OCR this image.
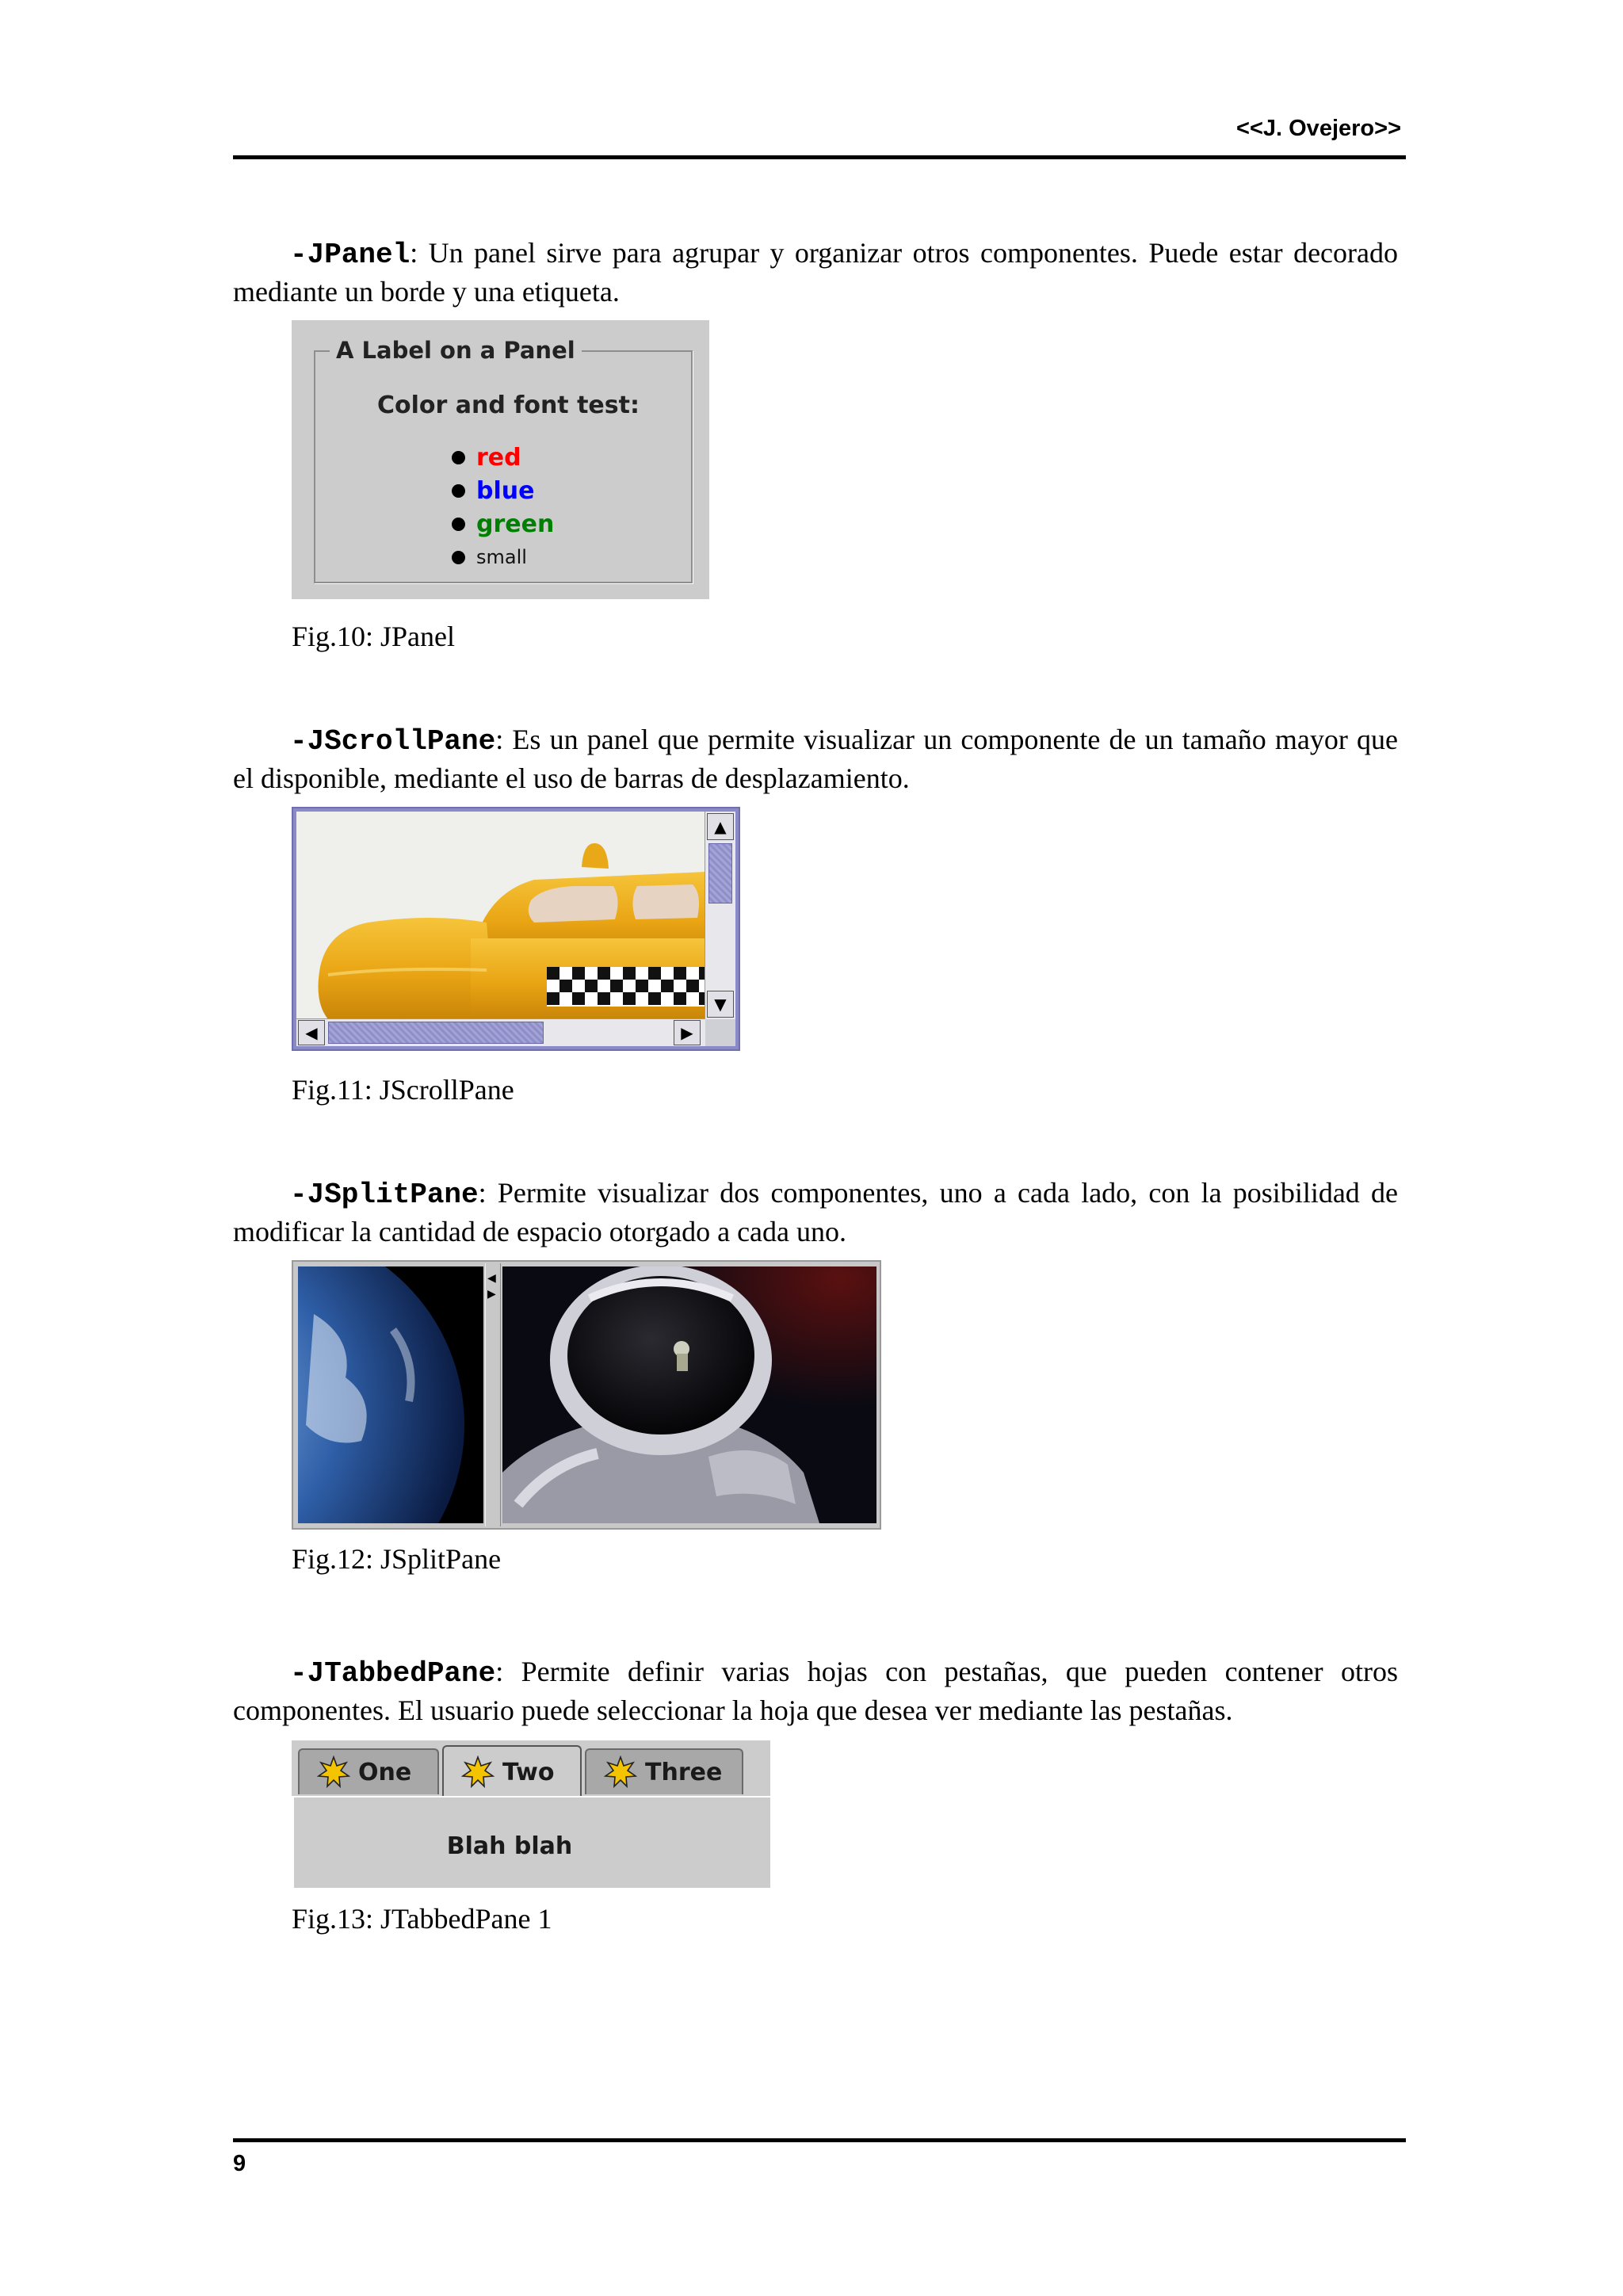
<<J. Ovejero>>

-JPanel: Un panel sirve para agrupar y organizar otros componentes. Puede estar decorado mediante un borde y una etiqueta.

A Label on a Panel
Color and font test:
red
blue
green
small

Fig.10: JPanel

-JScrollPane: Es un panel que permite visualizar un componente de un tamaño mayor que el disponible, mediante el uso de barras de desplazamiento.

▲
▼
◀	▶

Fig.11: JScrollPane

-JSplitPane: Permite visualizar dos componentes, uno a cada lado, con la posibilidad de modificar la cantidad de espacio otorgado a cada uno.

◀
▶

Fig.12: JSplitPane

-JTabbedPane: Permite definir varias hojas con pestañas, que pueden contener otros componentes. El usuario puede seleccionar la hoja que desea ver mediante las pestañas.

One	Two	Three
Blah blah

Fig.13: JTabbedPane 1

9
